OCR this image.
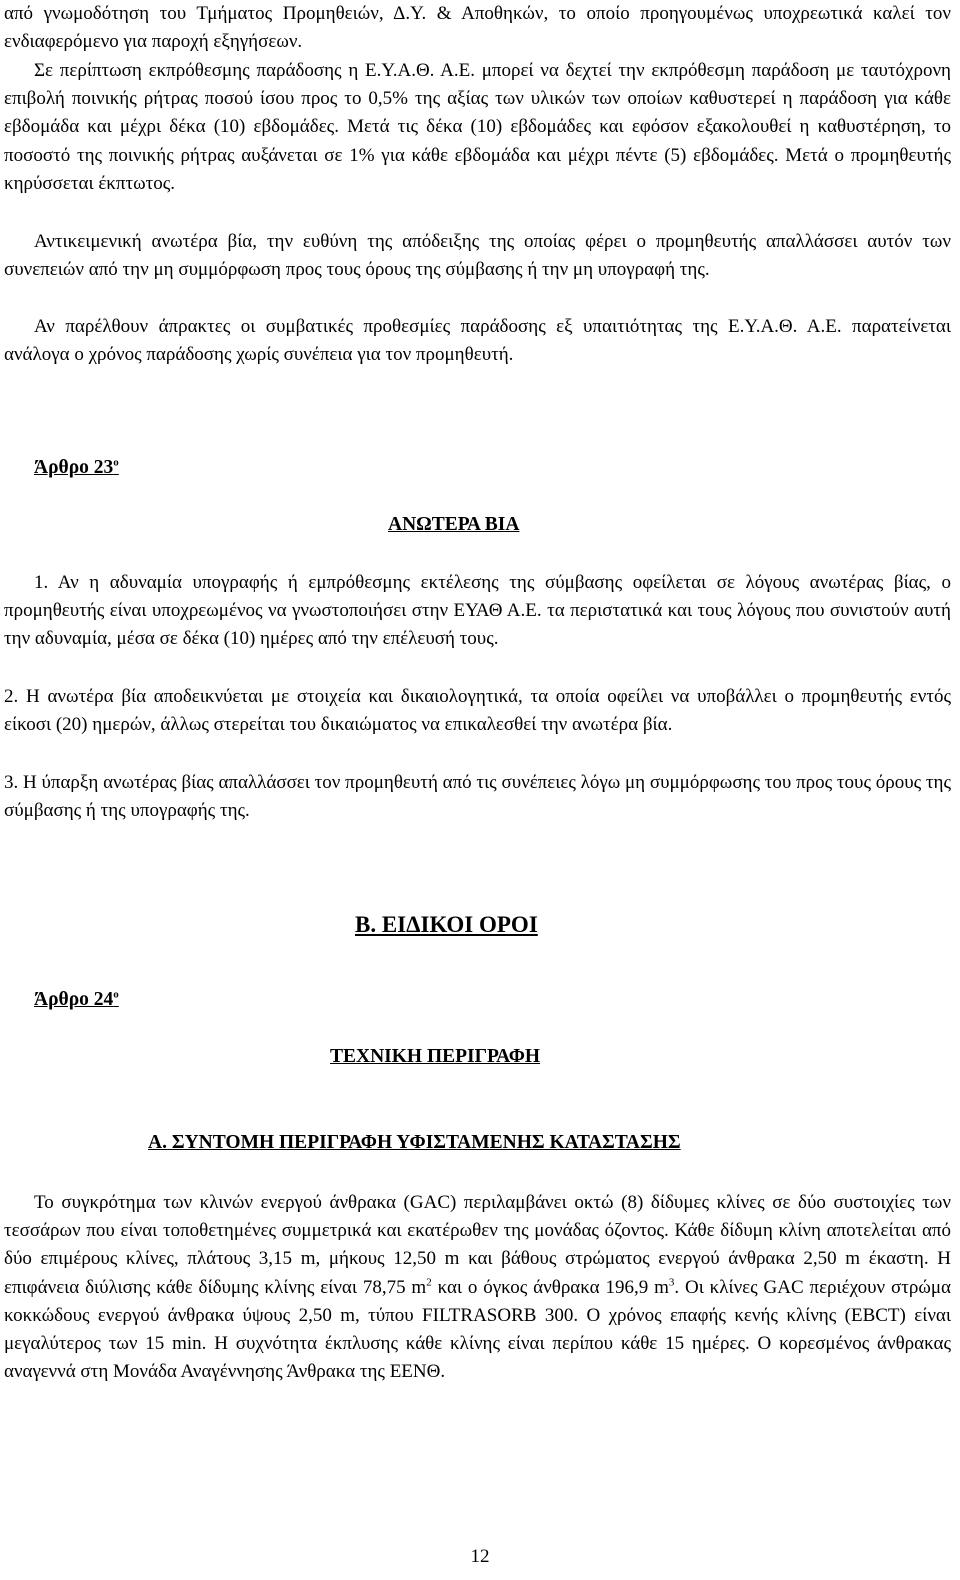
από γνωμοδότηση του Τμήματος Προμηθειών, Δ.Υ. & Αποθηκών, το οποίο προηγουμένως υποχρεωτικά καλεί τον ενδιαφερόμενο για παροχή εξηγήσεων.

Σε περίπτωση εκπρόθεσμης παράδοσης η Ε.Υ.Α.Θ. Α.Ε. μπορεί να δεχτεί την εκπρόθεσμη παράδοση με ταυτόχρονη επιβολή ποινικής ρήτρας ποσού ίσου προς το 0,5% της αξίας των υλικών των οποίων καθυστερεί η παράδοση για κάθε εβδομάδα και μέχρι δέκα (10) εβδομάδες. Μετά τις δέκα (10) εβδομάδες και εφόσον εξακολουθεί η καθυστέρηση, το ποσοστό της ποινικής ρήτρας αυξάνεται σε 1% για κάθε εβδομάδα και μέχρι πέντε (5) εβδομάδες. Μετά ο προμηθευτής κηρύσσεται έκπτωτος.

Αντικειμενική ανωτέρα βία, την ευθύνη της απόδειξης της οποίας φέρει ο προμηθευτής απαλλάσσει αυτόν των συνεπειών από την μη συμμόρφωση προς τους όρους της σύμβασης ή την μη υπογραφή της.

Αν παρέλθουν άπρακτες οι συμβατικές προθεσμίες παράδοσης εξ υπαιτιότητας της Ε.Υ.Α.Θ. Α.Ε. παρατείνεται ανάλογα ο χρόνος παράδοσης χωρίς συνέπεια για τον προμηθευτή.

Άρθρο $23^o$

ΑΝΩΤΕΡΑ ΒΙΑ

1. Αν η αδυναμία υπογραφής ή εμπρόθεσμης εκτέλεσης της σύμβασης οφείλεται σε λόγους ανωτέρας βίας, ο προμηθευτής είναι υποχρεωμένος να γνωστοποιήσει στην ΕΥΑΘ Α.Ε. τα περιστατικά και τους λόγους που συνιστούν αυτή την αδυναμία, μέσα σε δέκα (10) ημέρες από την επέλευσή τους.

2. Η ανωτέρα βία αποδεικνύεται με στοιχεία και δικαιολογητικά, τα οποία οφείλει να υποβάλλει ο προμηθευτής εντός είκοσι (20) ημερών, άλλως στερείται του δικαιώματος να επικαλεσθεί την ανωτέρα βία.

3. Η ύπαρξη ανωτέρας βίας απαλλάσσει τον προμηθευτή από τις συνέπειες λόγω μη συμμόρφωσης του προς τους όρους της σύμβασης ή της υπογραφής της.

Β. ΕΙΔΙΚΟΙ ΟΡΟΙ

Άρθρο $24^o$

ΤΕΧΝΙΚΗ ΠΕΡΙΓΡΑΦΗ

Α. ΣΥΝΤΟΜΗ ΠΕΡΙΓΡΑΦΗ ΥΦΙΣΤΑΜΕΝΗΣ ΚΑΤΑΣΤΑΣΗΣ

Το συγκρότημα των κλινών ενεργού άνθρακα (GAC) περιλαμβάνει οκτώ (8) δίδυμες κλίνες σε δύο συστοιχίες των τεσσάρων που είναι τοποθετημένες συμμετρικά και εκατέρωθεν της μονάδας όζοντος. Κάθε δίδυμη κλίνη αποτελείται από δύο επιμέρους κλίνες, πλάτους 3,15 m, μήκους 12,50 m και βάθους στρώματος ενεργού άνθρακα 2,50 m έκαστη. Η επιφάνεια διύλισης κάθε δίδυμης κλίνης είναι 78,75 $m^2$ και ο όγκος άνθρακα 196,9 $m^3$. Οι κλίνες GAC περιέχουν στρώμα κοκκώδους ενεργού άνθρακα ύψους 2,50 m, τύπου FILTRASORB 300. Ο χρόνος επαφής κενής κλίνης (EBCT) είναι μεγαλύτερος των 15 min. Η συχνότητα έκπλυσης κάθε κλίνης είναι περίπου κάθε 15 ημέρες. Ο κορεσμένος άνθρακας αναγεννά στη Μονάδα Αναγέννησης Άνθρακα της ΕΕΝΘ.

12
